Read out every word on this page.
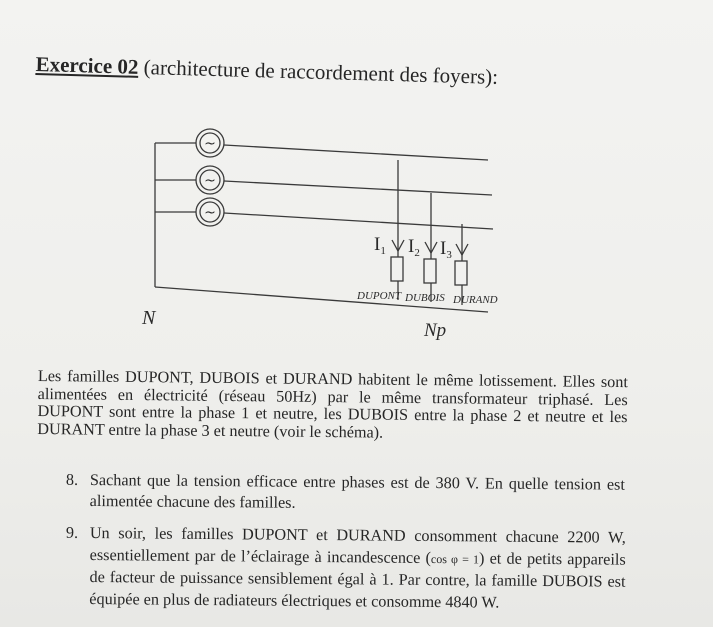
Exercice 02 (architecture de raccordement des foyers):
~
~
~
$I_1$ $I_2$ $I_3$
DUPONT DUBOIS DURAND
N
Np
Les familles DUPONT, DUBOIS et DURAND habitent le même lotissement. Elles sont alimentées en électricité (réseau 50Hz) par le même transformateur triphasé. Les DUPONT sont entre la phase 1 et neutre, les DUBOIS entre la phase 2 et neutre et les DURANT entre la phase 3 et neutre (voir le schéma).
8. Sachant que la tension efficace entre phases est de 380 V. En quelle tension est alimentée chacune des familles.
9. Un soir, les familles DUPONT et DURAND consomment chacune 2200 W, essentiellement par de l’éclairage à incandescence (cos φ = 1) et de petits appareils de facteur de puissance sensiblement égal à 1. Par contre, la famille DUBOIS est équipée en plus de radiateurs électriques et consomme 4840 W.
